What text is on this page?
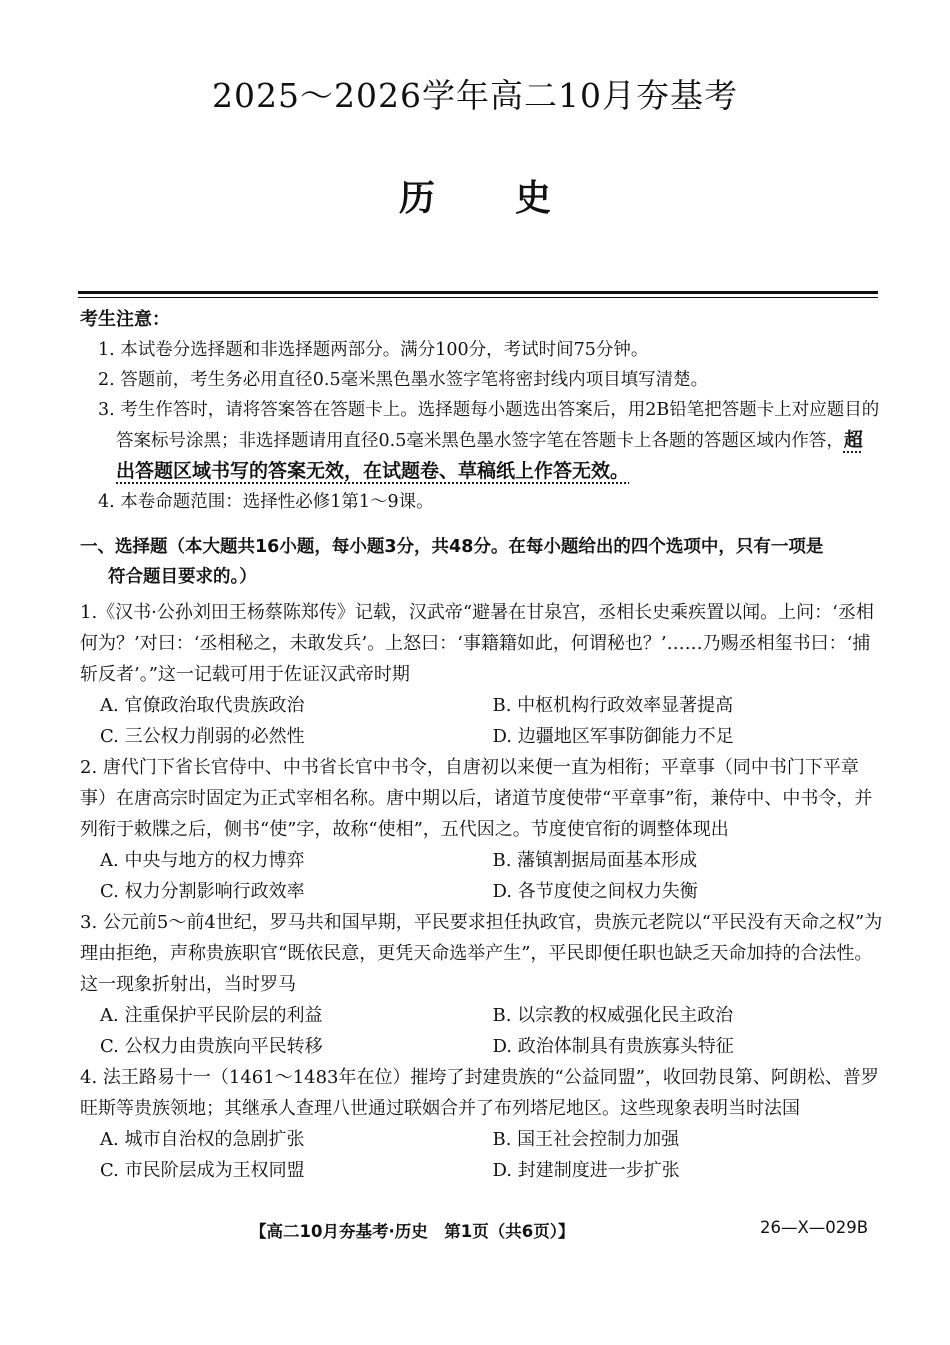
2025～2026学年高二10月夯基考
历 史
考生注意：
1. 本试卷分选择题和非选择题两部分。满分100分，考试时间75分钟。
2. 答题前，考生务必用直径0.5毫米黑色墨水签字笔将密封线内项目填写清楚。
3. 考生作答时，请将答案答在答题卡上。选择题每小题选出答案后，用2B铅笔把答题卡上对应题目的答案标号涂黑；非选择题请用直径0.5毫米黑色墨水签字笔在答题卡上各题的答题区域内作答，超出答题区域书写的答案无效，在试题卷、草稿纸上作答无效。
4. 本卷命题范围：选择性必修1第1～9课。
一、选择题（本大题共16小题，每小题3分，共48分。在每小题给出的四个选项中，只有一项是
符合题目要求的。）
1.《汉书·公孙刘田王杨蔡陈郑传》记载，汉武帝“避暑在甘泉宫，丞相长史乘疾置以闻。上问：‘丞相何为？’对曰：‘丞相秘之，未敢发兵’。上怒曰：‘事籍籍如此，何谓秘也？’……乃赐丞相玺书曰：‘捕斩反者’。”这一记载可用于佐证汉武帝时期
A. 官僚政治取代贵族政治	B. 中枢机构行政效率显著提高
C. 三公权力削弱的必然性	D. 边疆地区军事防御能力不足
2. 唐代门下省长官侍中、中书省长官中书令，自唐初以来便一直为相衔；平章事（同中书门下平章事）在唐高宗时固定为正式宰相名称。唐中期以后，诸道节度使带“平章事”衔，兼侍中、中书令，并列衔于敕牒之后，侧书“使”字，故称“使相”，五代因之。节度使官衔的调整体现出
A. 中央与地方的权力博弈	B. 藩镇割据局面基本形成
C. 权力分割影响行政效率	D. 各节度使之间权力失衡
3. 公元前5～前4世纪，罗马共和国早期，平民要求担任执政官，贵族元老院以“平民没有天命之权”为理由拒绝，声称贵族职官“既依民意，更凭天命选举产生”，平民即便任职也缺乏天命加持的合法性。这一现象折射出，当时罗马
A. 注重保护平民阶层的利益	B. 以宗教的权威强化民主政治
C. 公权力由贵族向平民转移	D. 政治体制具有贵族寡头特征
4. 法王路易十一（1461～1483年在位）摧垮了封建贵族的“公益同盟”，收回勃艮第、阿朗松、普罗旺斯等贵族领地；其继承人查理八世通过联姻合并了布列塔尼地区。这些现象表明当时法国
A. 城市自治权的急剧扩张	B. 国王社会控制力加强
C. 市民阶层成为王权同盟	D. 封建制度进一步扩张
【高二10月夯基考·历史　第1页（共6页）】	26—X—029B
